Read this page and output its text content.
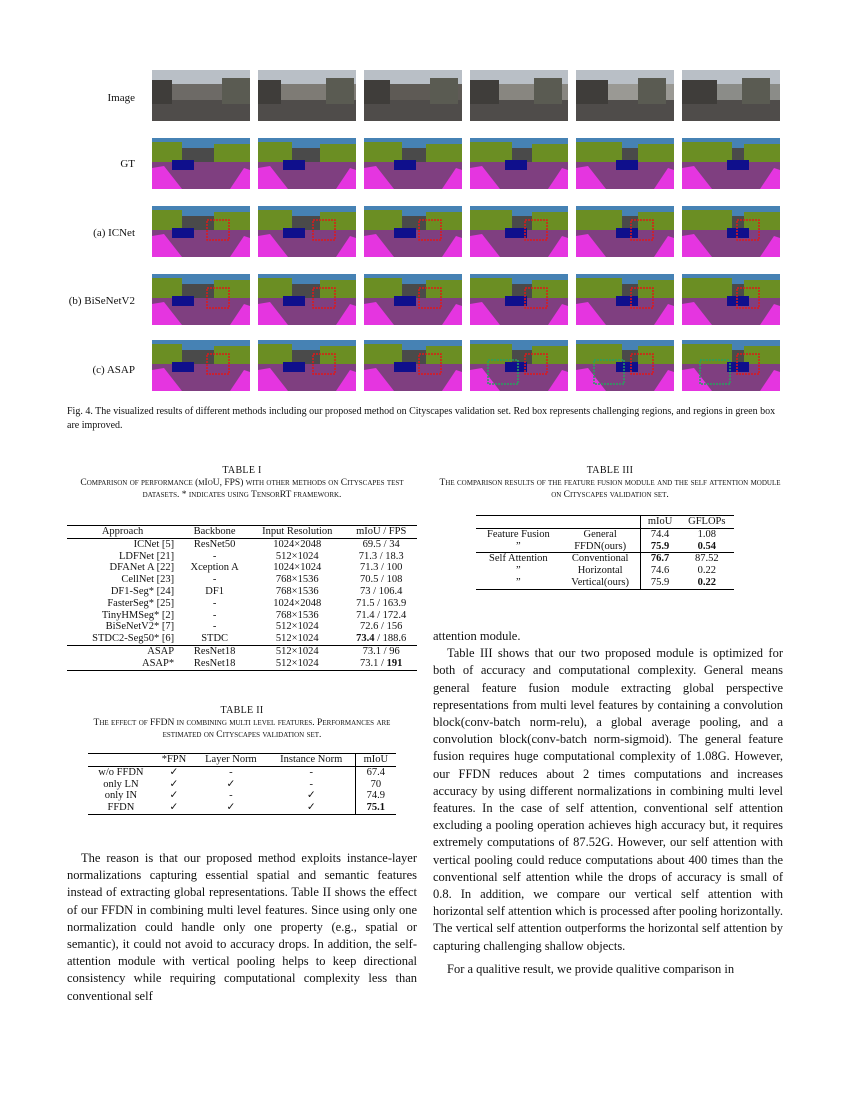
Image
GT
(a) ICNet
(b) BiSeNetV2
(c) ASAP
Fig. 4. The visualized results of different methods including our proposed method on Cityscapes validation set. Red box represents challenging regions, and regions in green box are improved.
TABLE I
Comparison of performance (mIoU, FPS) with other methods on Cityscapes test datasets. * indicates using TensorRT framework.
Approach	Backbone	Input Resolution	mIoU / FPS
ICNet [5]	ResNet50	1024×2048	69.5 / 34
LDFNet [21]	-	512×1024	71.3 / 18.3
DFANet A [22]	Xception A	1024×1024	71.3 / 100
CellNet [23]	-	768×1536	70.5 / 108
DF1-Seg* [24]	DF1	768×1536	73 / 106.4
FasterSeg* [25]	-	1024×2048	71.5 / 163.9
TinyHMSeg* [2]	-	768×1536	71.4 / 172.4
BiSeNetV2* [7]	-	512×1024	72.6 / 156
STDC2-Seg50* [6]	STDC	512×1024	73.4 / 188.6
ASAP	ResNet18	512×1024	73.1 / 96
ASAP*	ResNet18	512×1024	73.1 / 191
TABLE II
The effect of FFDN in combining multi level features. Performances are estimated on Cityscapes validation set.
	*FPN	Layer Norm	Instance Norm	mIoU
w/o FFDN	✓	-	-	67.4
only LN	✓	✓	-	70
only IN	✓	-	✓	74.9
FFDN	✓	✓	✓	75.1
TABLE III
The comparison results of the feature fusion module and the self attention module on Cityscapes validation set.
		mIoU	GFLOPs
Feature Fusion	General	74.4	1.08
”	FFDN(ours)	75.9	0.54
Self Attention	Conventional	76.7	87.52
”	Horizontal	74.6	0.22
”	Vertical(ours)	75.9	0.22

The reason is that our proposed method exploits instance-layer normalizations capturing essential spatial and semantic features instead of extracting global representations. Table II shows the effect of our FFDN in combining multi level features. Since using only one normalization could handle only one property (e.g., spatial or semantic), it could not avoid to accuracy drops. In addition, the self-attention module with vertical pooling helps to keep directional consistency while requiring computational complexity less than conventional self

attention module.

Table III shows that our two proposed module is optimized for both of accuracy and computational complexity. General means general feature fusion module extracting global perspective representations from multi level features by containing a convolution block(conv-batch norm-relu), a global average pooling, and a convolution block(conv-batch norm-sigmoid). The general feature fusion requires huge computational complexity of 1.08G. However, our FFDN reduces about 2 times computations and increases accuracy by using different normalizations in combining multi level features. In the case of self attention, conventional self attention excluding a pooling operation achieves high accuracy but, it requires extremely computations of 87.52G. However, our self attention with vertical pooling could reduce computations about 400 times than the conventional self attention while the drops of accuracy is small of 0.8. In addition, we compare our vertical self attention with horizontal self attention which is processed after pooling horizontally. The vertical self attention outperforms the horizontal self attention by capturing challenging shallow objects.

For a qualitive result, we provide qualitive comparison in
